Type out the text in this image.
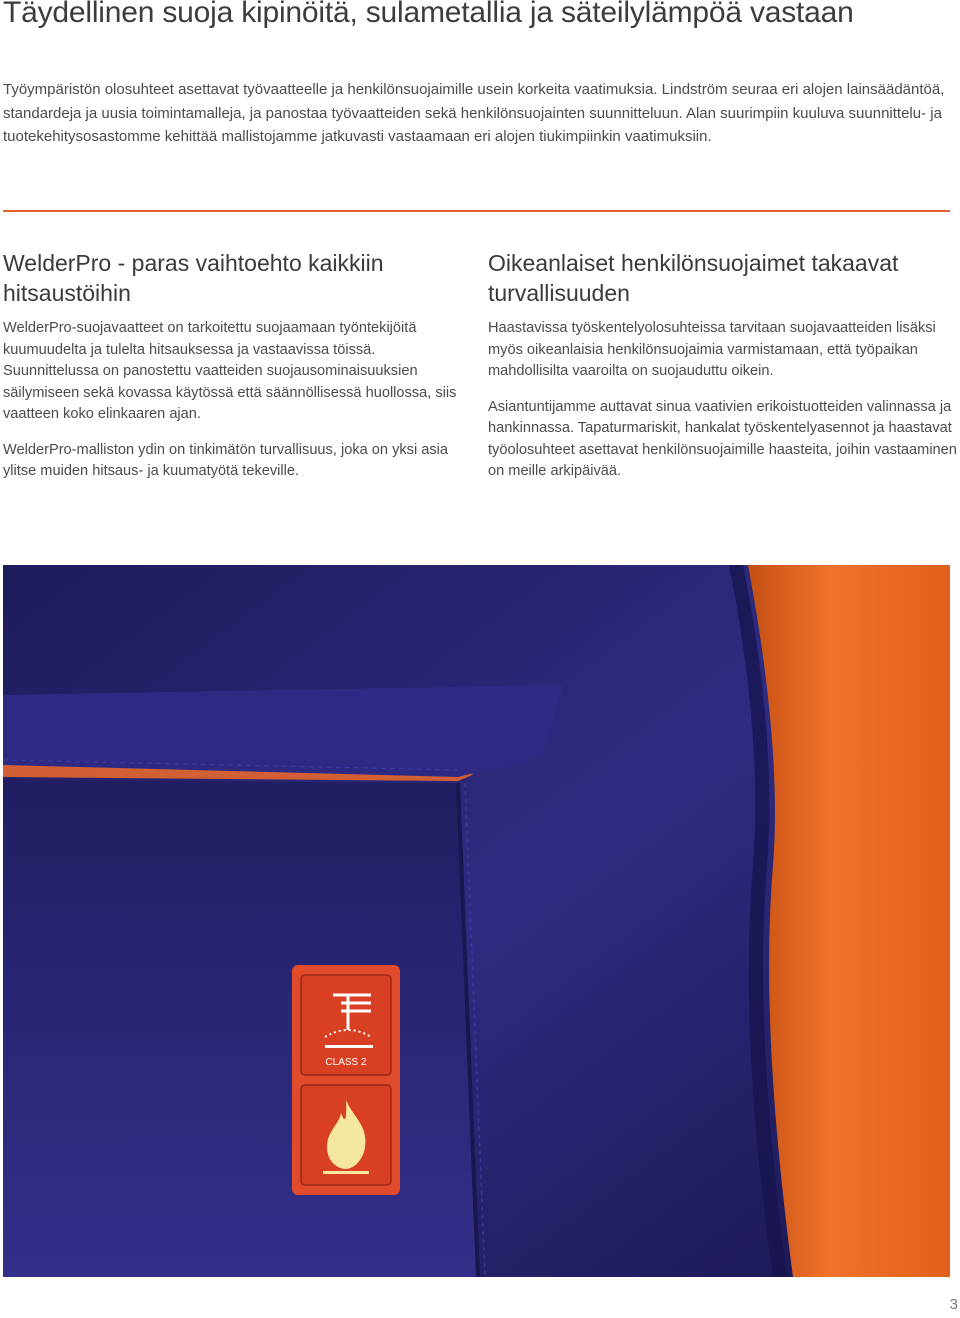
Täydellinen suoja kipinöitä, sulametallia ja säteilylämpöä vastaan

Työympäristön olosuhteet asettavat työvaatteelle ja henkilönsuojaimille usein korkeita vaatimuksia. Lindström seuraa eri alojen lainsäädäntöä, standardeja ja uusia toimintamalleja, ja panostaa työvaatteiden sekä henkilönsuojainten suunnitteluun. Alan suurimpiin kuuluva suunnittelu- ja tuotekehitysosastomme kehittää mallistojamme jatkuvasti vastaamaan eri alojen tiukimpiinkin vaatimuksiin.

WelderPro - paras vaihtoehto kaikkiin hitsaustöihin

WelderPro-suojavaatteet on tarkoitettu suojaamaan työntekijöitä kuumuudelta ja tulelta hitsauksessa ja vastaavissa töissä. Suunnittelussa on panostettu vaatteiden suojausominaisuuksien säilymiseen sekä kovassa käytössä että säännöllisessä huollossa, siis vaatteen koko elinkaaren ajan.

WelderPro-malliston ydin on tinkimätön turvallisuus, joka on yksi asia ylitse muiden hitsaus- ja kuumatyötä tekeville.

Oikeanlaiset henkilönsuojaimet takaavat turvallisuuden

Haastavissa työskentelyolosuhteissa tarvitaan suojavaatteiden lisäksi myös oikeanlaisia henkilönsuojaimia varmistamaan, että työpaikan mahdollisilta vaaroilta on suojauduttu oikein.

Asiantuntijamme auttavat sinua vaativien erikoistuotteiden valinnassa ja hankinnassa. Tapaturmariskit, hankalat työskentelyasennot ja haastavat työolosuhteet asettavat henkilönsuojaimille haasteita, joihin vastaaminen on meille arkipäivää.

CLASS 2
3
